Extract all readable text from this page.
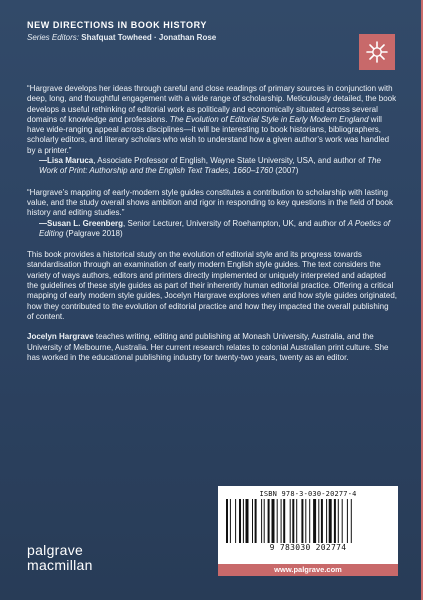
NEW DIRECTIONS IN BOOK HISTORY
Series Editors: Shafquat Towheed · Jonathan Rose

“Hargrave develops her ideas through careful and close readings of primary sources in conjunction with deep, long, and thoughtful engagement with a wide range of scholarship. Meticulously detailed, the book develops a useful rethinking of editorial work as politically and economically situated across several domains of knowledge and professions. The Evolution of Editorial Style in Early Modern England will have wide-ranging appeal across disciplines—it will be interesting to book historians, bibliographers, scholarly editors, and literary scholars who wish to understand how a given author’s work was handled by a printer.”

—Lisa Maruca, Associate Professor of English, Wayne State University, USA, and author of The Work of Print: Authorship and the English Text Trades, 1660–1760 (2007)

“Hargrave’s mapping of early-modern style guides constitutes a contribution to scholarship with lasting value, and the study overall shows ambition and rigor in responding to key questions in the field of book history and editing studies.”

—Susan L. Greenberg, Senior Lecturer, University of Roehampton, UK, and author of A Poetics of Editing (Palgrave 2018)

This book provides a historical study on the evolution of editorial style and its progress towards standardisation through an examination of early modern English style guides. The text considers the variety of ways authors, editors and printers directly implemented or uniquely interpreted and adapted the guidelines of these style guides as part of their inherently human editorial practice. Offering a critical mapping of early modern style guides, Jocelyn Hargrave explores when and how style guides originated, how they contributed to the evolution of editorial practice and how they impacted the overall publishing of content.

Jocelyn Hargrave teaches writing, editing and publishing at Monash University, Australia, and the University of Melbourne, Australia. Her current research relates to colonial Australian print culture. She has worked in the educational publishing industry for twenty-two years, twenty as an editor.

palgrave
macmillan
ISBN 978-3-030-20277-4
9 783030 202774
www.palgrave.com
